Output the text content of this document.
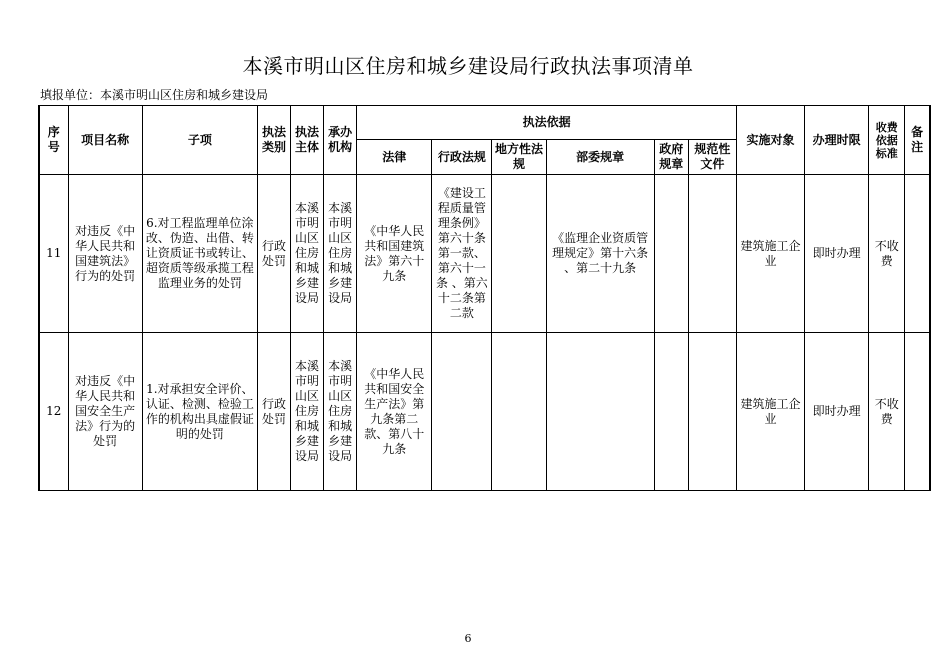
本溪市明山区住房和城乡建设局行政执法事项清单
填报单位：本溪市明山区住房和城乡建设局
序号	项目名称	子项	执法类别	执法主体	承办机构	执法依据						实施对象	办理时限	收费依据标准	备注
						法律	行政法规	地方性法规	部委规章	政府规章	规范性文件				
11	对违反《中华人民共和国建筑法》行为的处罚	6.对工程监理单位涂改、伪造、出借、转让资质证书或转让、超资质等级承揽工程监理业务的处罚	行政处罚	本溪市明山区住房和城乡建设局	本溪市明山区住房和城乡建设局	《中华人民共和国建筑法》第六十九条	《建设工程质量管理条例》第六十条第一款、第六十一条 、第六十二条第二款		《监理企业资质管理规定》第十六条 、第二十九条			建筑施工企业	即时办理	不收费	
12	对违反《中华人民共和国安全生产法》行为的处罚	1.对承担安全评价、认证、检测、检验工作的机构出具虚假证明的处罚	行政处罚	本溪市明山区住房和城乡建设局	本溪市明山区住房和城乡建设局	《中华人民共和国安全生产法》第九条第二款、第八十九条						建筑施工企业	即时办理	不收费	
6
